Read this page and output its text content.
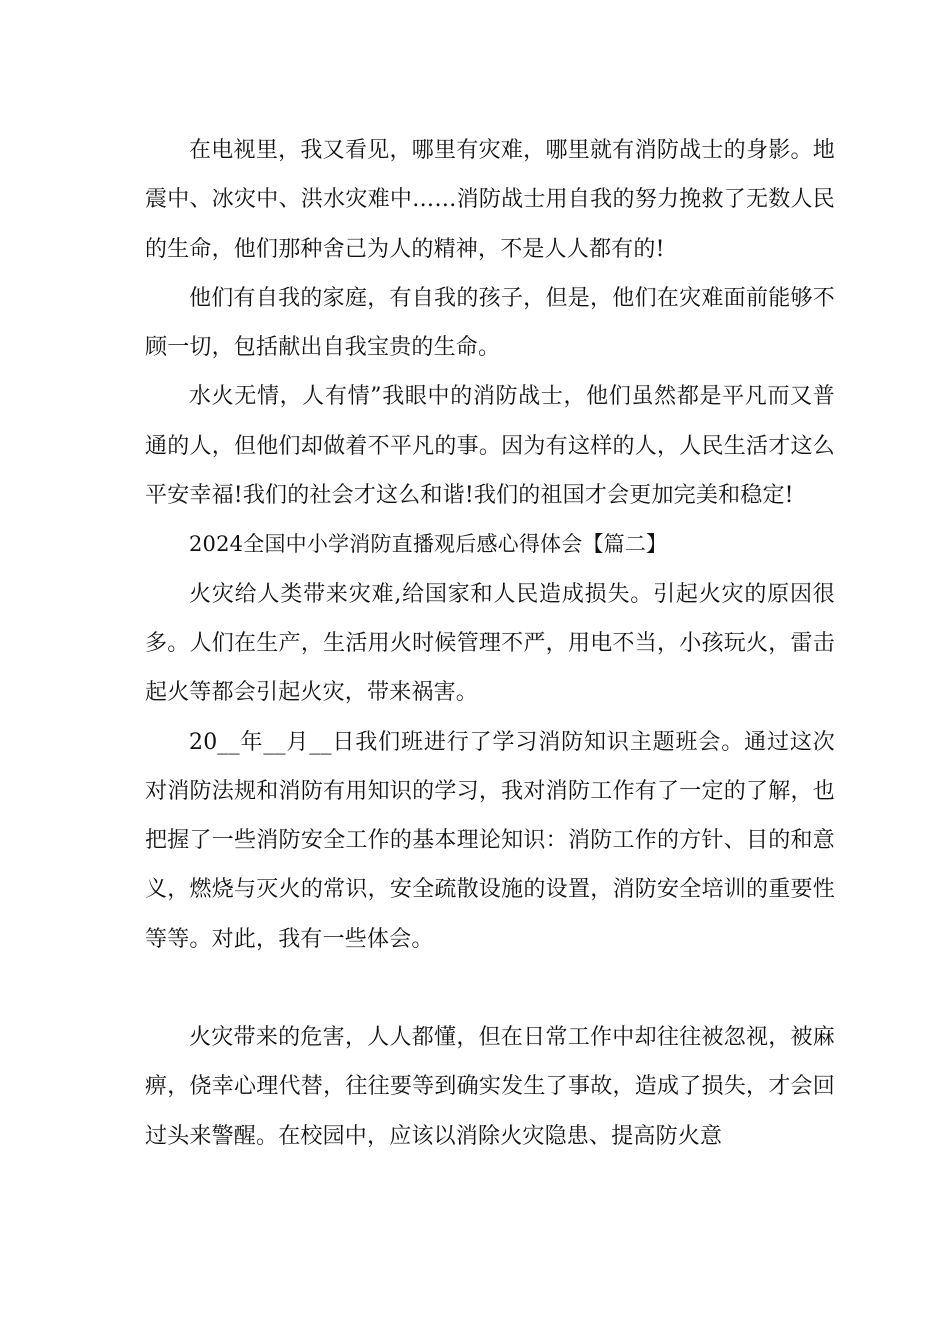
在电视里，我又看见，哪里有灾难，哪里就有消防战士的身影。地震中、冰灾中、洪水灾难中……消防战士用自我的努力挽救了无数人民的生命，他们那种舍己为人的精神，不是人人都有的!

他们有自我的家庭，有自我的孩子，但是，他们在灾难面前能够不顾一切，包括献出自我宝贵的生命。

水火无情，人有情”我眼中的消防战士，他们虽然都是平凡而又普通的人，但他们却做着不平凡的事。因为有这样的人，人民生活才这么平安幸福!我们的社会才这么和谐!我们的祖国才会更加完美和稳定!

2024全国中小学消防直播观后感心得体会【篇二】

火灾给人类带来灾难,给国家和人民造成损失。引起火灾的原因很多。人们在生产，生活用火时候管理不严，用电不当，小孩玩火，雷击起火等都会引起火灾，带来祸害。

20__年__月__日我们班进行了学习消防知识主题班会。通过这次对消防法规和消防有用知识的学习，我对消防工作有了一定的了解，也把握了一些消防安全工作的基本理论知识：消防工作的方针、目的和意义，燃烧与灭火的常识，安全疏散设施的设置，消防安全培训的重要性等等。对此，我有一些体会。

火灾带来的危害，人人都懂，但在日常工作中却往往被忽视，被麻痹，侥幸心理代替，往往要等到确实发生了事故，造成了损失，才会回过头来警醒。在校园中，应该以消除火灾隐患、提高防火意
